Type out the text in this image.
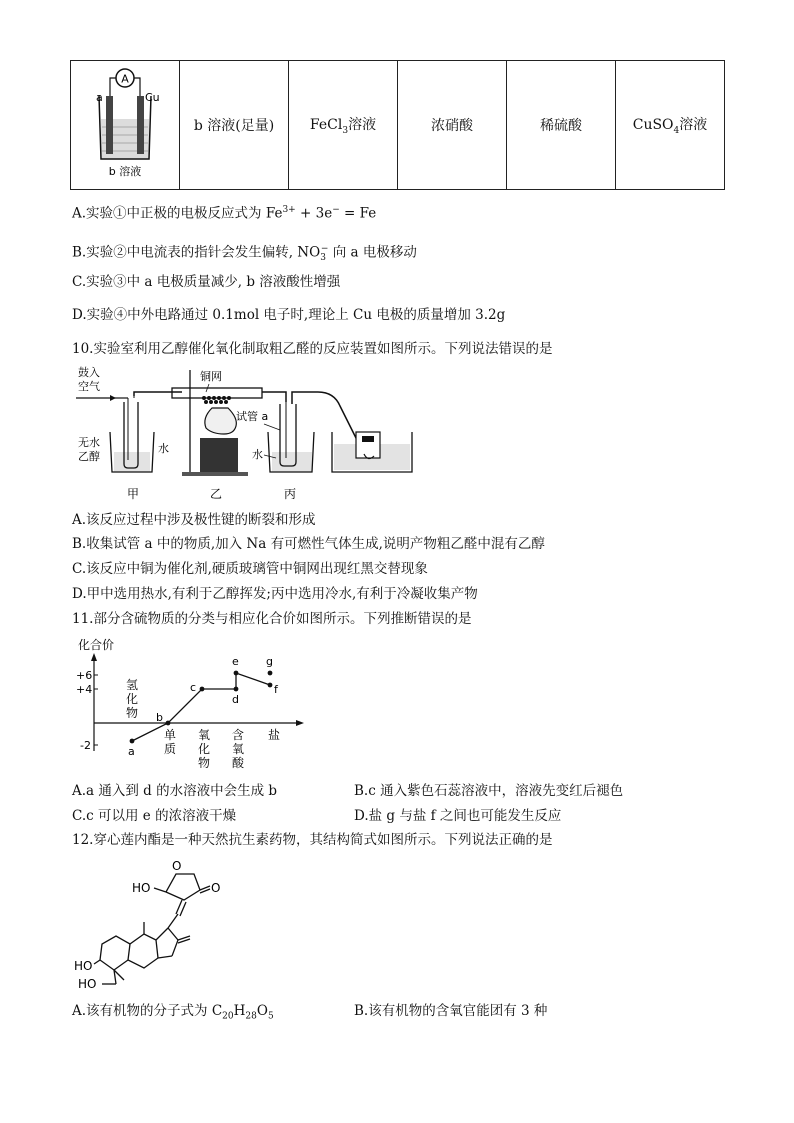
A
a	Cu
b 溶液
	b 溶液(足量)	FeCl$_3$溶液	浓硝酸	稀硫酸	CuSO$_4$溶液
A.实验①中正极的电极反应式为 $Fe^{3+} + 3e^- = Fe$
B.实验②中电流表的指针会发生偏转, $NO_3^-$ 向 a 电极移动
C.实验③中 a 电极质量减少, b 溶液酸性增强
D.实验④中外电路通过 0.1mol 电子时,理论上 Cu 电极的质量增加 3.2g
10.实验室利用乙醇催化氧化制取粗乙醛的反应装置如图所示。下列说法错误的是
鼓入
空气
无水
乙醇
水
铜网
试管 a
水
甲	乙	丙
A.该反应过程中涉及极性键的断裂和形成
B.收集试管 a 中的物质,加入 Na 有可燃性气体生成,说明产物粗乙醛中混有乙醇
C.该反应中铜为催化剂,硬质玻璃管中铜网出现红黑交替现象
D.甲中选用热水,有利于乙醇挥发;丙中选用冷水,有利于冷凝收集产物
11.部分含硫物质的分类与相应化合价如图所示。下列推断错误的是
化合价
+6
+4
-2
氢
化
物
单
质
氧
化
物
含
氧
酸
盐
a
b
c
d
e
f
g
A.a 通入到 d 的水溶液中会生成 b	B.c 通入紫色石蕊溶液中，溶液先变红后褪色
C.c 可以用 e 的浓溶液干燥	D.盐 g 与盐 f 之间也可能发生反应
12.穿心莲内酯是一种天然抗生素药物，其结构简式如图所示。下列说法正确的是
HO
O
O
HO
HO
A.该有机物的分子式为 $C_{20}H_{28}O_5$	B.该有机物的含氧官能团有 3 种
